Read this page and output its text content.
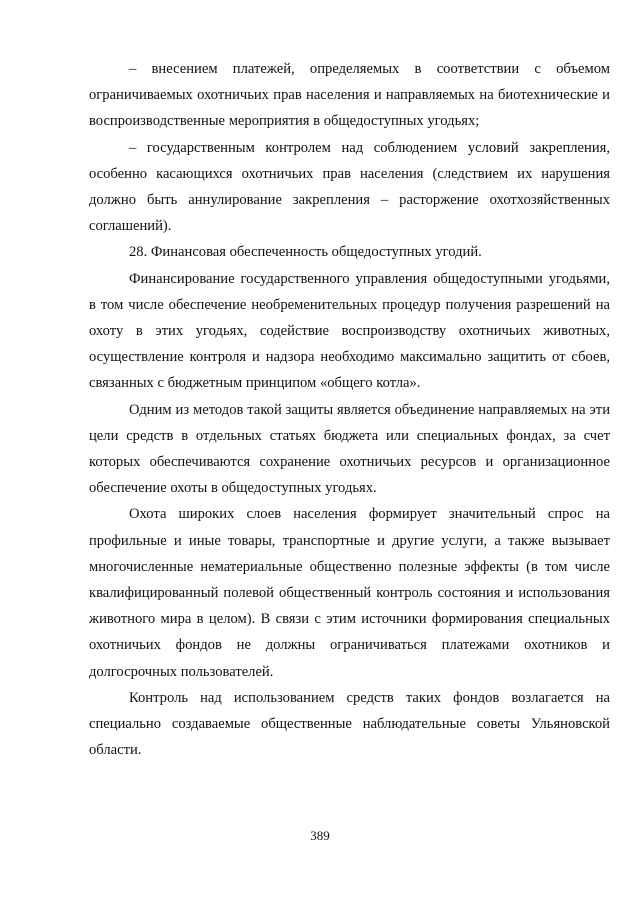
– внесением платежей, определяемых в соответствии с объемом ограничиваемых охотничьих прав населения и направляемых на биотехнические и воспроизводственные мероприятия в общедоступных угодьях;

– государственным контролем над соблюдением условий закрепления, особенно касающихся охотничьих прав населения (следствием их нарушения должно быть аннулирование закрепления – расторжение охотхозяйственных соглашений).

28. Финансовая обеспеченность общедоступных угодий.

Финансирование государственного управления общедоступными угодьями, в том числе обеспечение необременительных процедур получения разрешений на охоту в этих угодьях, содействие воспроизводству охотничьих животных, осуществление контроля и надзора необходимо максимально защитить от сбоев, связанных с бюджетным принципом «общего котла».

Одним из методов такой защиты является объединение направляемых на эти цели средств в отдельных статьях бюджета или специальных фондах, за счет которых обеспечиваются сохранение охотничьих ресурсов и организационное обеспечение охоты в общедоступных угодьях.

Охота широких слоев населения формирует значительный спрос на профильные и иные товары, транспортные и другие услуги, а также вызывает многочисленные нематериальные общественно полезные эффекты (в том числе квалифицированный полевой общественный контроль состояния и использования животного мира в целом). В связи с этим источники формирования специальных охотничьих фондов не должны ограничиваться платежами охотников и долгосрочных пользователей.

Контроль над использованием средств таких фондов возлагается на специально создаваемые общественные наблюдательные советы Ульяновской области.

389
